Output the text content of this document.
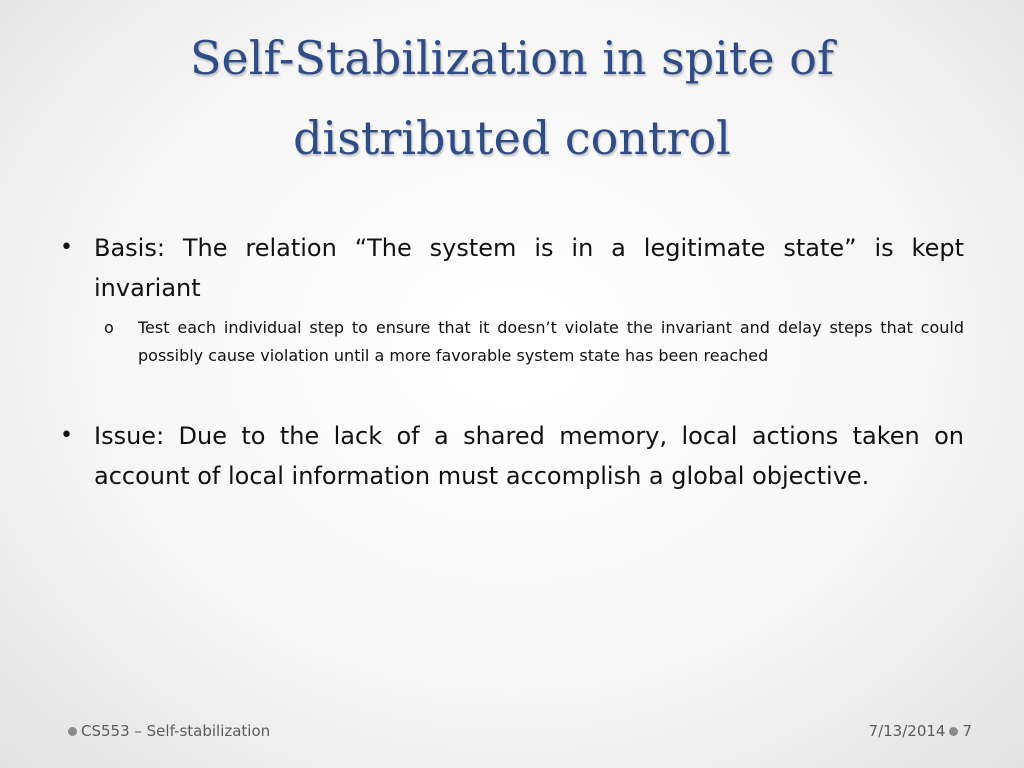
Self-Stabilization in spite of distributed control

• Basis: The relation “The system is in a legitimate state” is kept invariant

o Test each individual step to ensure that it doesn’t violate the invariant and delay steps that could possibly cause violation until a more favorable system state has been reached

• Issue: Due to the lack of a shared memory, local actions taken on account of local information must accomplish a global objective.

CS553 – Self-stabilization	7/13/2014 7
